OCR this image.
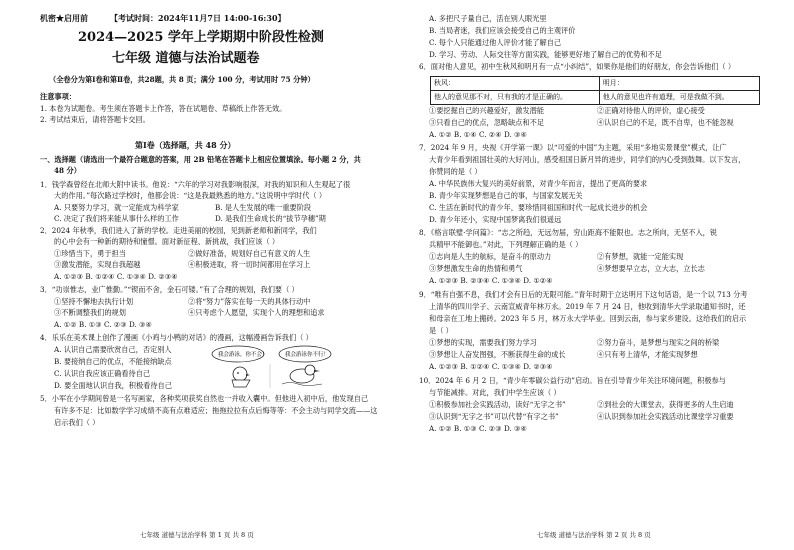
机密★启用前	【考试时间：2024年11月7日 14:00-16:30】
2024—2025 学年上学期期中阶段性检测
七年级 道德与法治试题卷
（全卷分为第Ⅰ卷和第Ⅱ卷，共28题，共 8 页；满分 100 分，考试用时 75 分钟）
注意事项：
1. 本卷为试题卷。考生须在答题卡上作答，答在试题卷、草稿纸上作答无效。
2. 考试结束后，请将答题卡交回。
第Ⅰ卷（选择题，共 48 分）
一、选择题（请选出一个最符合题意的答案，用 2B 铅笔在答题卡上相应位置填涂。每小题 2 分，共
48 分）
1．钱学森曾经在北师大附中读书。他说：“六年的学习对我影响很深，对我的知识和人生观起了很
大的作用。”每次路过学校时，他都会说：“这是我最熟悉的地方。”这说明中学时代（ ）
A. 只要努力学习，就一定能成为科学家	B. 是人生发展的唯一重要阶段
C. 决定了我们将来能从事什么样的工作	D. 是我们生命成长的“拔节孕穗”期
2．2024 年秋季，我们进入了新的学校。走进美丽的校园，见到新老师和新同学，我们
的心中会有一种新的期待和憧憬。面对新征程、新挑战，我们应该（ ）
①珍惜当下，勇于担当	②做好准备，规划好自己有意义的人生
③激发潜能，实现自我超越	④积极进取，将一切时间都用在学习上
A. ①②③ B. ①②④ C. ①③④ D. ②③④
3．“功崇惟志，业广惟勤。”“锲而不舍，金石可镂。”有了合理的规划，我们要（ ）
①坚持不懈地去执行计划	②将“努力”落实在每一天的具体行动中
③不断调整我们的规划	④只考虑个人愿望，实现个人的理想和追求
A. ①② B. ①③ C. ②③ D. ③④
4．乐乐在美术课上创作了漫画《小鸡与小鸭的对话》的漫画，这幅漫画告诉我们（ ）
A. 认识自己需要欣赏自己，否定别人
B. 要接纳自己的优点，不能接纳缺点
C. 认识自我应该正确看待自己
D. 要全面地认识自我，积极看待自己
我会游泳，你不会！	我会游泳你不行！
5．小军在小学期间曾是一名写画家，各种奖项获奖自然也一并收入囊中。但他进入初中后，他发现自己
有许多不足：比如数学学习成绩不高有点难适应；拖拖拉拉有点后悔等等：不会主动与同学交流——这
启示我们（ ）
七年级 道德与法治学科 第 1 页 共 8 页
A. 多把尺子量自己，活在别人眼光里
B. 当局者迷，我们应该会接受自己的主观评价
C. 每个人只能通过他人评价才能了解自己
D. 学习、劳动、人际交往等方面实践，能够更好地了解自己的优势和不足
6．面对他人意见，初中生秋风和明月有一点“小纠结”，如果你是他们的好朋友，你会告诉他们（ ）
秋风：	明月：
他人的意见那不对，只有我的才是正确的。	他人的意见也许有道理，可是我做不到。
①要挖掘自己的兴趣爱好，激发潜能	②正确对待他人的评价，虚心接受
③只看自己的优点，忽略缺点和不足	④认识自己的不足，既不自卑，也不能忽视
A. ①② B. ①④ C. ②④ D. ③④
7．2024 年 9 月，央视《开学第一课》以“可爱的中国”为主题，采用“多地实景课堂”模式，让广
大青少年看到祖国壮美的大好河山，感受祖国日新月异的进步，同学们的内心受到鼓舞。以下发言，
你赞同的是（ ）
A. 中华民族伟大复兴的美好前景，对青少年而言，提出了更高的要求
B. 青少年实现梦想是自己的事，与国家发展无关
C. 生活在新时代的青少年，要珍惜同祖国和时代一起成长进步的机会
D. 青少年还小，实现中国梦离我们很遥远
8．《格言联璧·学问篇》：“志之所趋，无远勿届，穷山距海不能限也。志之所向，无坚不入，锐
兵精甲不能御也。”对此，下列理解正确的是（ ）
①志向是人生的航标，是奋斗的原动力	②有梦想，就能一定能实现
③梦想激发生命的热情和勇气	④梦想要早立志，立大志，立长志
A. ①②③ B. ②③④ C. ①③④ D. ①②④
9．“唯有自强不息，我们才会有日后的无限可能。”青年时期于立达明月下这句话语，是一个以 713 分考
上清华的四川学子、云南宣威青年林万永。2019 年 7 月 24 日，他收到清华大学录取通知书时，还
和母亲在工地上搬砖。2023 年 5 月，林万永大学毕业。回到云南，参与家乡建设。这给我们的启示
是（ ）
①梦想的实现，需要我们努力学习	②努力奋斗，是梦想与现实之间的桥梁
③梦想让人奋发图强，不断获得生命的成长	④只有考上清华，才能实现梦想
A. ①②③ B. ①②④ C. ①③④ D. ②③④
10．2024 年 6 月 2 日，“青少年零碳公益行动”启动。旨在引导青少年关注环境问题，积极参与
与节能减排。对此，我们中学生应该（ ）
①积极参加社会实践活动，读好“无字之书”	②到社会的大课堂去，获得更多的人生启迪
③认识到“无字之书”可以代替“有字之书”	④认识到参加社会实践活动比课堂学习重要
A. ①② B. ①③ C. ②③ D. ③④
七年级 道德与法治学科 第 2 页 共 8 页
